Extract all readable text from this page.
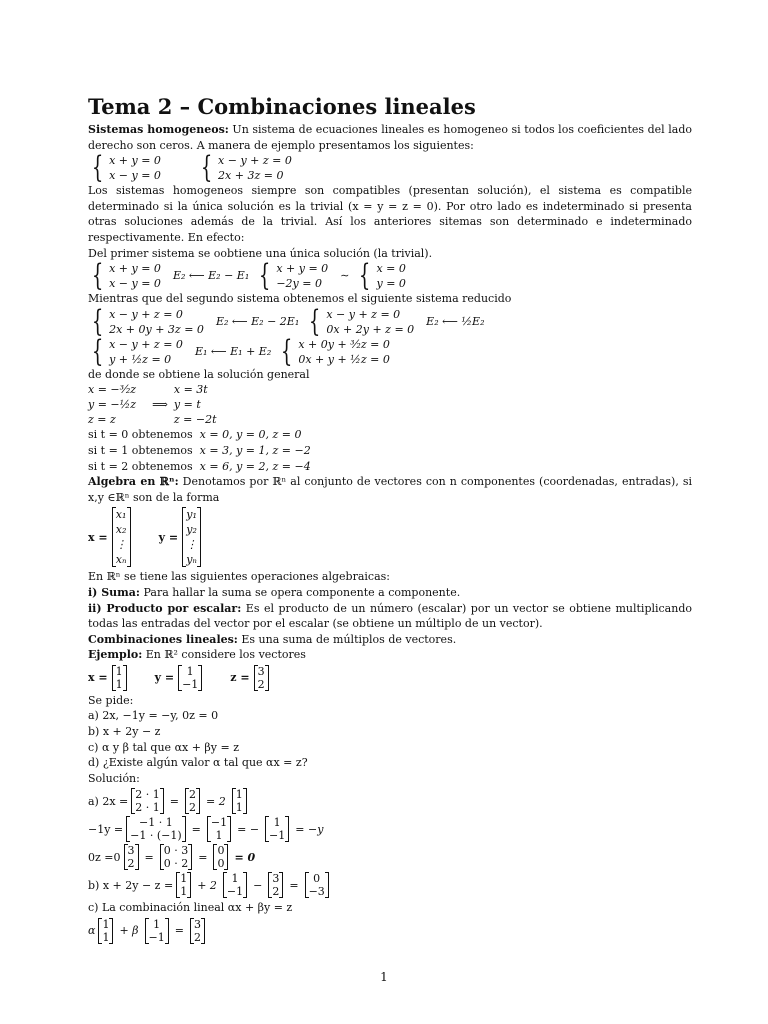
Tema 2 – Combinaciones lineales

Sistemas homogeneos: Un sistema de ecuaciones lineales es homogeneo si todos los coeficientes del lado derecho son ceros. A manera de ejemplo presentamos los siguientes:

{ x + y = 0
x − y = 0 { x − y + z = 0
2x + 3z = 0

Los sistemas homogeneos siempre son compatibles (presentan solución), el sistema es compatible determinado si la única solución es la trivial (x = y = z = 0). Por otro lado es indeterminado si presenta otras soluciones además de la trivial. Así los anteriores sitemas son determinado e indeterminado respectivamente. En efecto:

Del primer sistema se oobtiene una única solución (la trivial).

{ x + y = 0
x − y = 0
E₂ ⟵ E₂ − E₁ { x + y = 0
−2y = 0
∼ { x = 0
y = 0

Mientras que del segundo sistema obtenemos el siguiente sistema reducido

{ x − y + z = 0
2x + 0y + 3z = 0
E₂ ⟵ E₂ − 2E₁ { x − y + z = 0
0x + 2y + z = 0
E₂ ⟵ ½E₂
{ x − y + z = 0
y + ½z = 0
E₁ ⟵ E₁ + E₂ { x + 0y + ³⁄₂z = 0
0x + y + ½z = 0

de donde se obtiene la solución general

x = −³⁄₂z
y = −½z
z = z
⟹
x = 3t
y = t
z = −2t

si t = 0 obtenemos x = 0, y = 0, z = 0

si t = 1 obtenemos x = 3, y = 1, z = −2

si t = 2 obtenemos x = 6, y = 2, z = −4

Algebra en ℝⁿ: Denotamos por ℝⁿ al conjunto de vectores con n componentes (coordenadas, entradas), si x,y ∈ℝⁿ son de la forma

x =
x₁
x₂
⋮
xₙ
y =
y₁
y₂
⋮
yₙ

En ℝⁿ se tiene las siguientes operaciones algebraicas:

i) Suma: Para hallar la suma se opera componente a componente.

ii) Producto por escalar: Es el producto de un número (escalar) por un vector se obtiene multiplicando todas las entradas del vector por el escalar (se obtiene un múltiplo de un vector).

Combinaciones lineales: Es una suma de múltiplos de vectores.

Ejemplo: En ℝ² considere los vectores

x = 1
1
y =	1
−1
z = 3
2

Se pide:

a) 2x, −1y = −y, 0z = 0

b) x + 2y − z

c) α y β tal que αx + βy = z

d) ¿Existe algún valor α tal que αx = z?

Solución:

a) 2x = 2 · 1
2 · 1
= 2
2
= 2 1
1
−1y =	−1 · 1
−1 · (−1)
= −1
1
= −	1
−1
= −y
0z =0 3
2
= 0 · 3
0 · 2
= 0
0
= 0
b) x + 2y − z = 1
1
+ 2	1
−1
− 3
2
=	0
−3

c) La combinación lineal αx + βy = z

α 1
1
+ β	1
−1
= 3
2
1
